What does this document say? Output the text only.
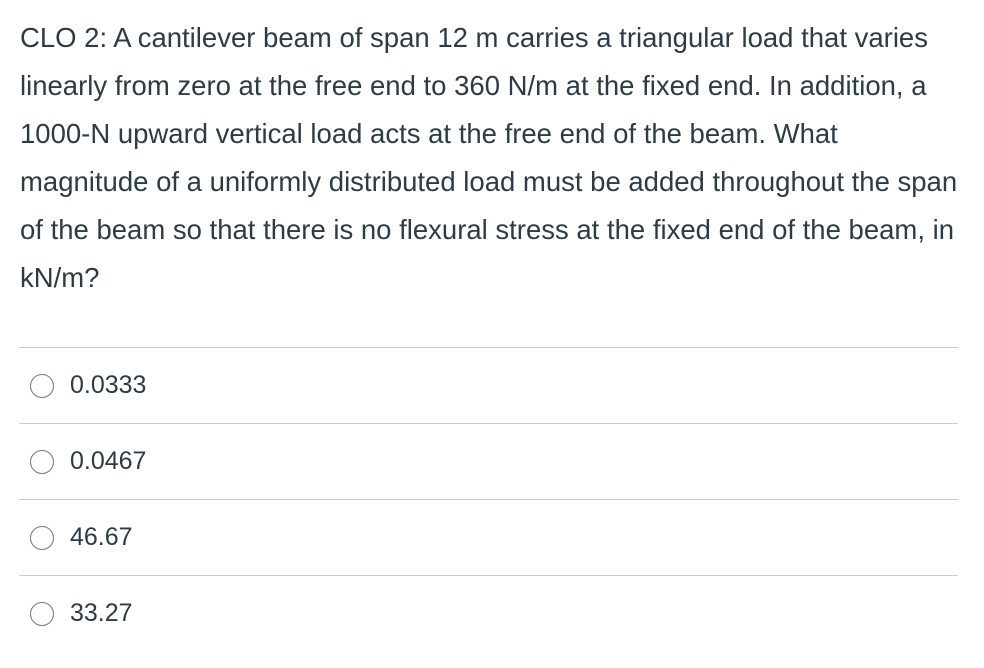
CLO 2: A cantilever beam of span 12 m carries a triangular load that varies linearly from zero at the free end to 360 N/m at the fixed end. In addition, a 1000-N upward vertical load acts at the free end of the beam. What magnitude of a uniformly distributed load must be added throughout the span of the beam so that there is no flexural stress at the fixed end of the beam, in kN/m?
0.0333
0.0467
46.67
33.27
